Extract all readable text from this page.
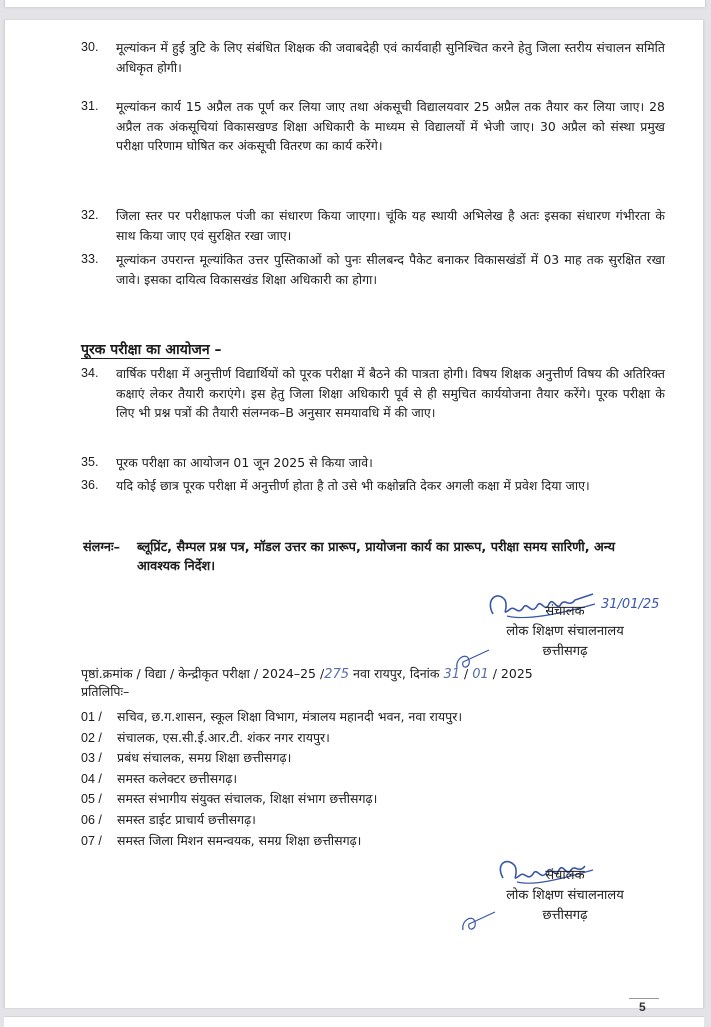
30. मूल्यांकन में हुई त्रुटि के लिए संबंधित शिक्षक की जवाबदेही एवं कार्यवाही सुनिश्चित करने हेतु जिला स्तरीय संचालन समिति अधिकृत होगी।
31. मूल्यांकन कार्य 15 अप्रैल तक पूर्ण कर लिया जाए तथा अंकसूची विद्यालयवार 25 अप्रैल तक तैयार कर लिया जाए। 28 अप्रैल तक अंकसूचियां विकासखण्ड शिक्षा अधिकारी के माध्यम से विद्यालयों में भेजी जाए। 30 अप्रैल को संस्था प्रमुख परीक्षा परिणाम घोषित कर अंकसूची वितरण का कार्य करेंगे।
32. जिला स्तर पर परीक्षाफल पंजी का संधारण किया जाएगा। चूंकि यह स्थायी अभिलेख है अतः इसका संधारण गंभीरता के साथ किया जाए एवं सुरक्षित रखा जाए।
33. मूल्यांकन उपरान्त मूल्यांकित उत्तर पुस्तिकाओं को पुनः सीलबन्द पैकेट बनाकर विकासखंडों में 03 माह तक सुरक्षित रखा जावे। इसका दायित्व विकासखंड शिक्षा अधिकारी का होगा।
पूरक परीक्षा का आयोजन –
34. वार्षिक परीक्षा में अनुत्तीर्ण विद्यार्थियों को पूरक परीक्षा में बैठने की पात्रता होगी। विषय शिक्षक अनुत्तीर्ण विषय की अतिरिक्त कक्षाएं लेकर तैयारी कराएंगे। इस हेतु जिला शिक्षा अधिकारी पूर्व से ही समुचित कार्ययोजना तैयार करेंगे। पूरक परीक्षा के लिए भी प्रश्न पत्रों की तैयारी संलग्नक–B अनुसार समयावधि में की जाए।
35. पूरक परीक्षा का आयोजन 01 जून 2025 से किया जावे।
36. यदि कोई छात्र पूरक परीक्षा में अनुत्तीर्ण होता है तो उसे भी कक्षोन्नति देकर अगली कक्षा में प्रवेश दिया जाए।
संलग्नः– ब्लूप्रिंट, सैम्पल प्रश्न पत्र, मॉडल उत्तर का प्रारूप, प्रायोजना कार्य का प्रारूप, परीक्षा समय सारिणी, अन्य आवश्यक निर्देश।
31/01/25
संचालक
लोक शिक्षण संचालनालय
छत्तीसगढ़
पृष्ठां.क्रमांक / विद्या / केन्द्रीकृत परीक्षा / 2024–25 /275 नवा रायपुर, दिनांक 31 / 01 / 2025
प्रतिलिपिः–
01 / सचिव, छ.ग.शासन, स्कूल शिक्षा विभाग, मंत्रालय महानदी भवन, नवा रायपुर।
02 / संचालक, एस.सी.ई.आर.टी. शंकर नगर रायपुर।
03 / प्रबंध संचालक, समग्र शिक्षा छत्तीसगढ़।
04 / समस्त कलेक्टर छत्तीसगढ़।
05 / समस्त संभागीय संयुक्त संचालक, शिक्षा संभाग छत्तीसगढ़।
06 / समस्त डाईट प्राचार्य छत्तीसगढ़।
07 / समस्त जिला मिशन समन्वयक, समग्र शिक्षा छत्तीसगढ़।
संचालक
लोक शिक्षण संचालनालय
छत्तीसगढ़
5
